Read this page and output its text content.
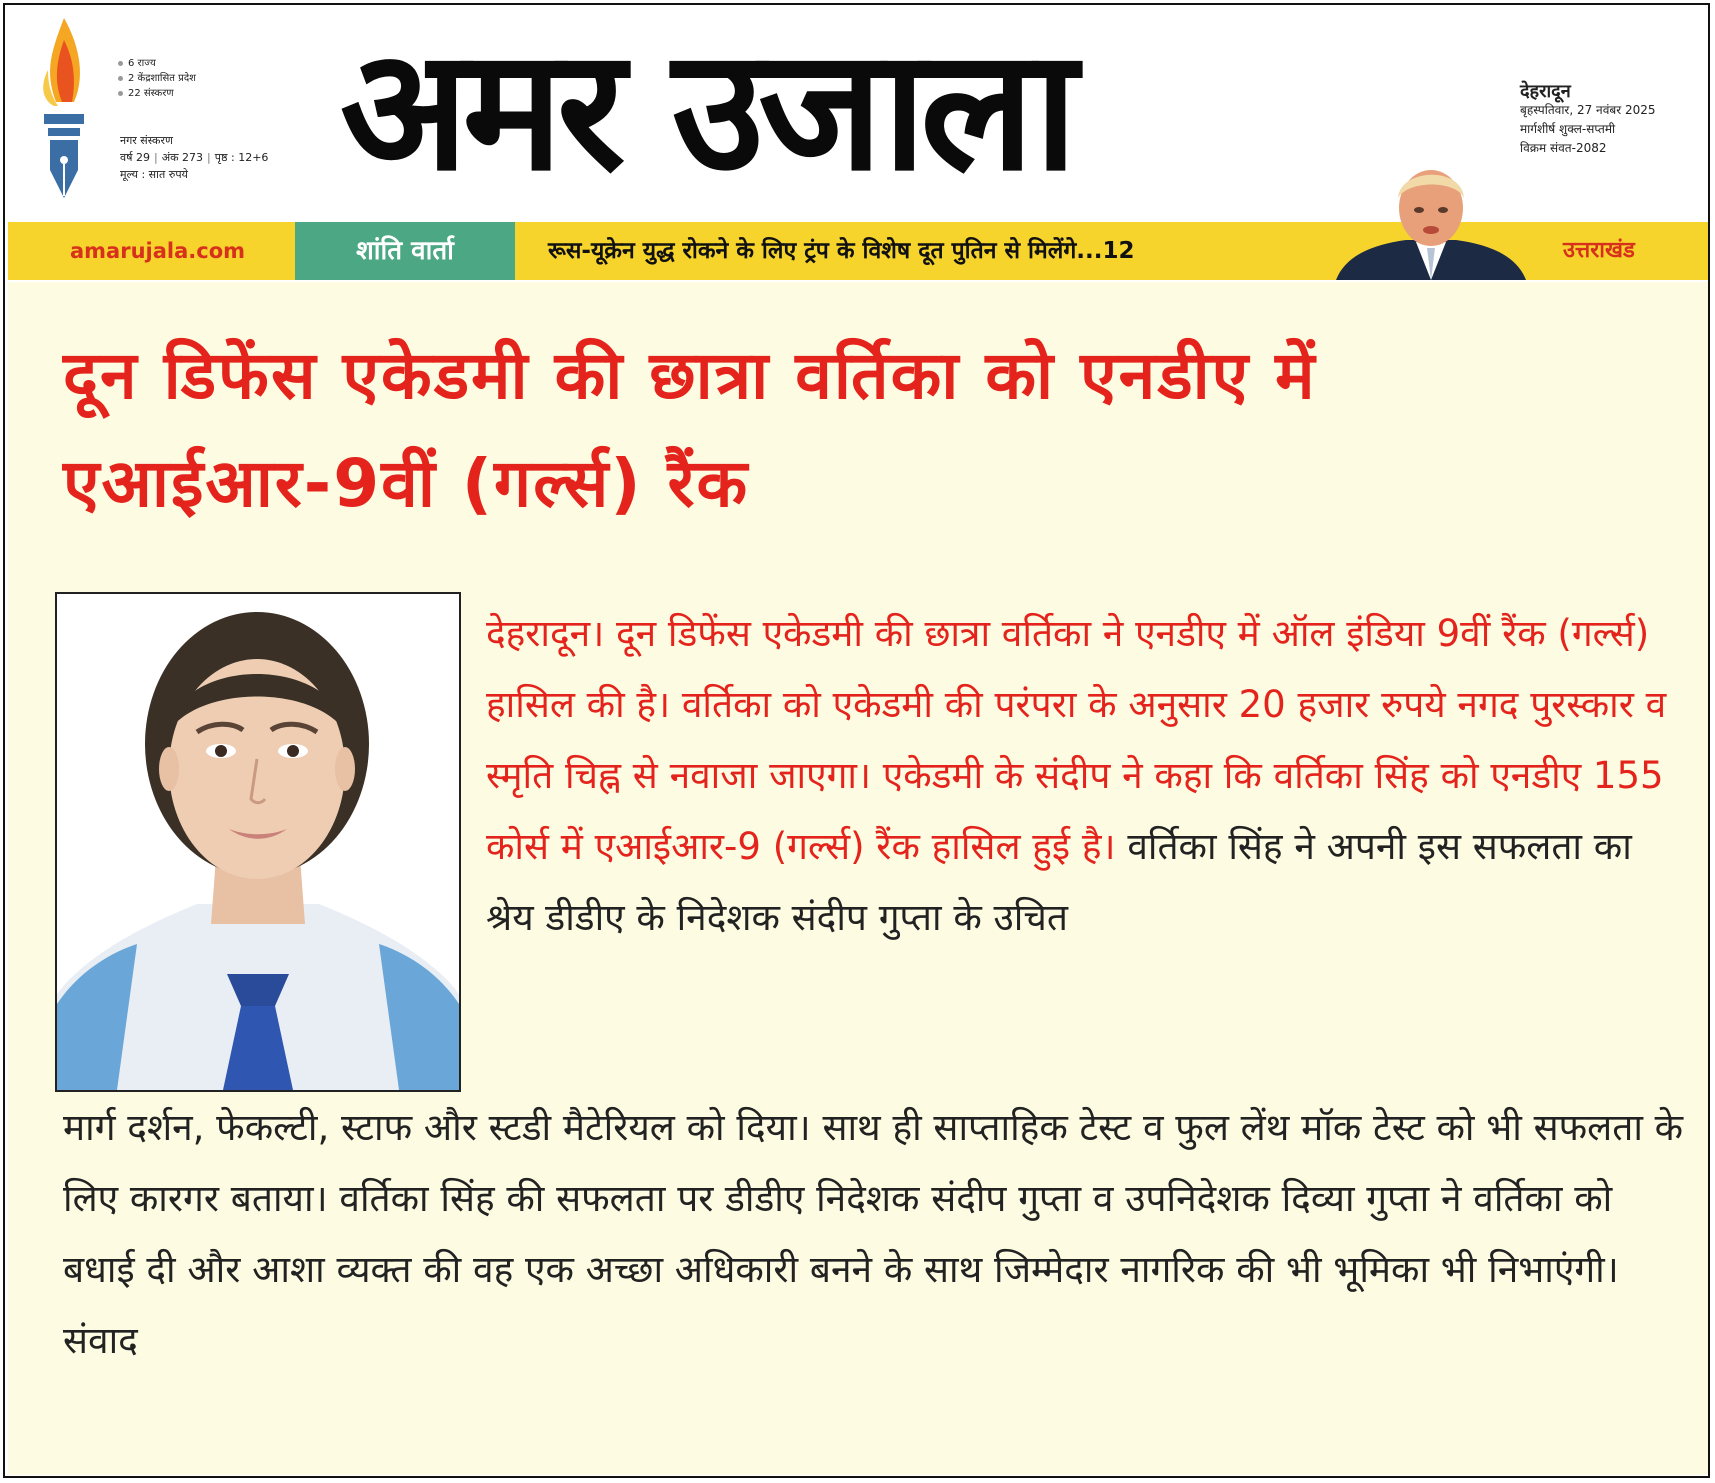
6 राज्य
2 केंद्रशासित प्रदेश
22 संस्करण
नगर संस्करण
वर्ष 29 | अंक 273 | पृष्ठ : 12+6
मूल्य : सात रुपये अमर उजाला	देहरादून
बृहस्पतिवार, 27 नवंबर 2025
मार्गशीर्ष शुक्ल-सप्तमी
विक्रम संवत-2082
amarujala.com	शांति वार्ता	रूस-यूक्रेन युद्ध रोकने के लिए ट्रंप के विशेष दूत पुतिन से मिलेंगे...12	उत्तराखंड
दून डिफेंस एकेडमी की छात्रा वर्तिका को एनडीए में एआईआर-9वीं (गर्ल्स) रैंक
देहरादून। दून डिफेंस एकेडमी की छात्रा वर्तिका ने एनडीए में ऑल इंडिया 9वीं रैंक (गर्ल्स) हासिल की है। वर्तिका को एकेडमी की परंपरा के अनुसार 20 हजार रुपये नगद पुरस्कार व स्मृति चिह्न से नवाजा जाएगा। एकेडमी के संदीप ने कहा कि वर्तिका सिंह को एनडीए 155 कोर्स में एआईआर-9 (गर्ल्स) रैंक हासिल हुई है। वर्तिका सिंह ने अपनी इस सफलता का श्रेय डीडीए के निदेशक संदीप गुप्ता के उचित
मार्ग दर्शन, फेकल्टी, स्टाफ और स्टडी मैटेरियल को दिया। साथ ही साप्ताहिक टेस्ट व फुल लेंथ मॉक टेस्ट को भी सफलता के लिए कारगर बताया। वर्तिका सिंह की सफलता पर डीडीए निदेशक संदीप गुप्ता व उपनिदेशक दिव्या गुप्ता ने वर्तिका को बधाई दी और आशा व्यक्त की वह एक अच्छा अधिकारी बनने के साथ जिम्मेदार नागरिक की भी भूमिका भी निभाएंगी। संवाद
